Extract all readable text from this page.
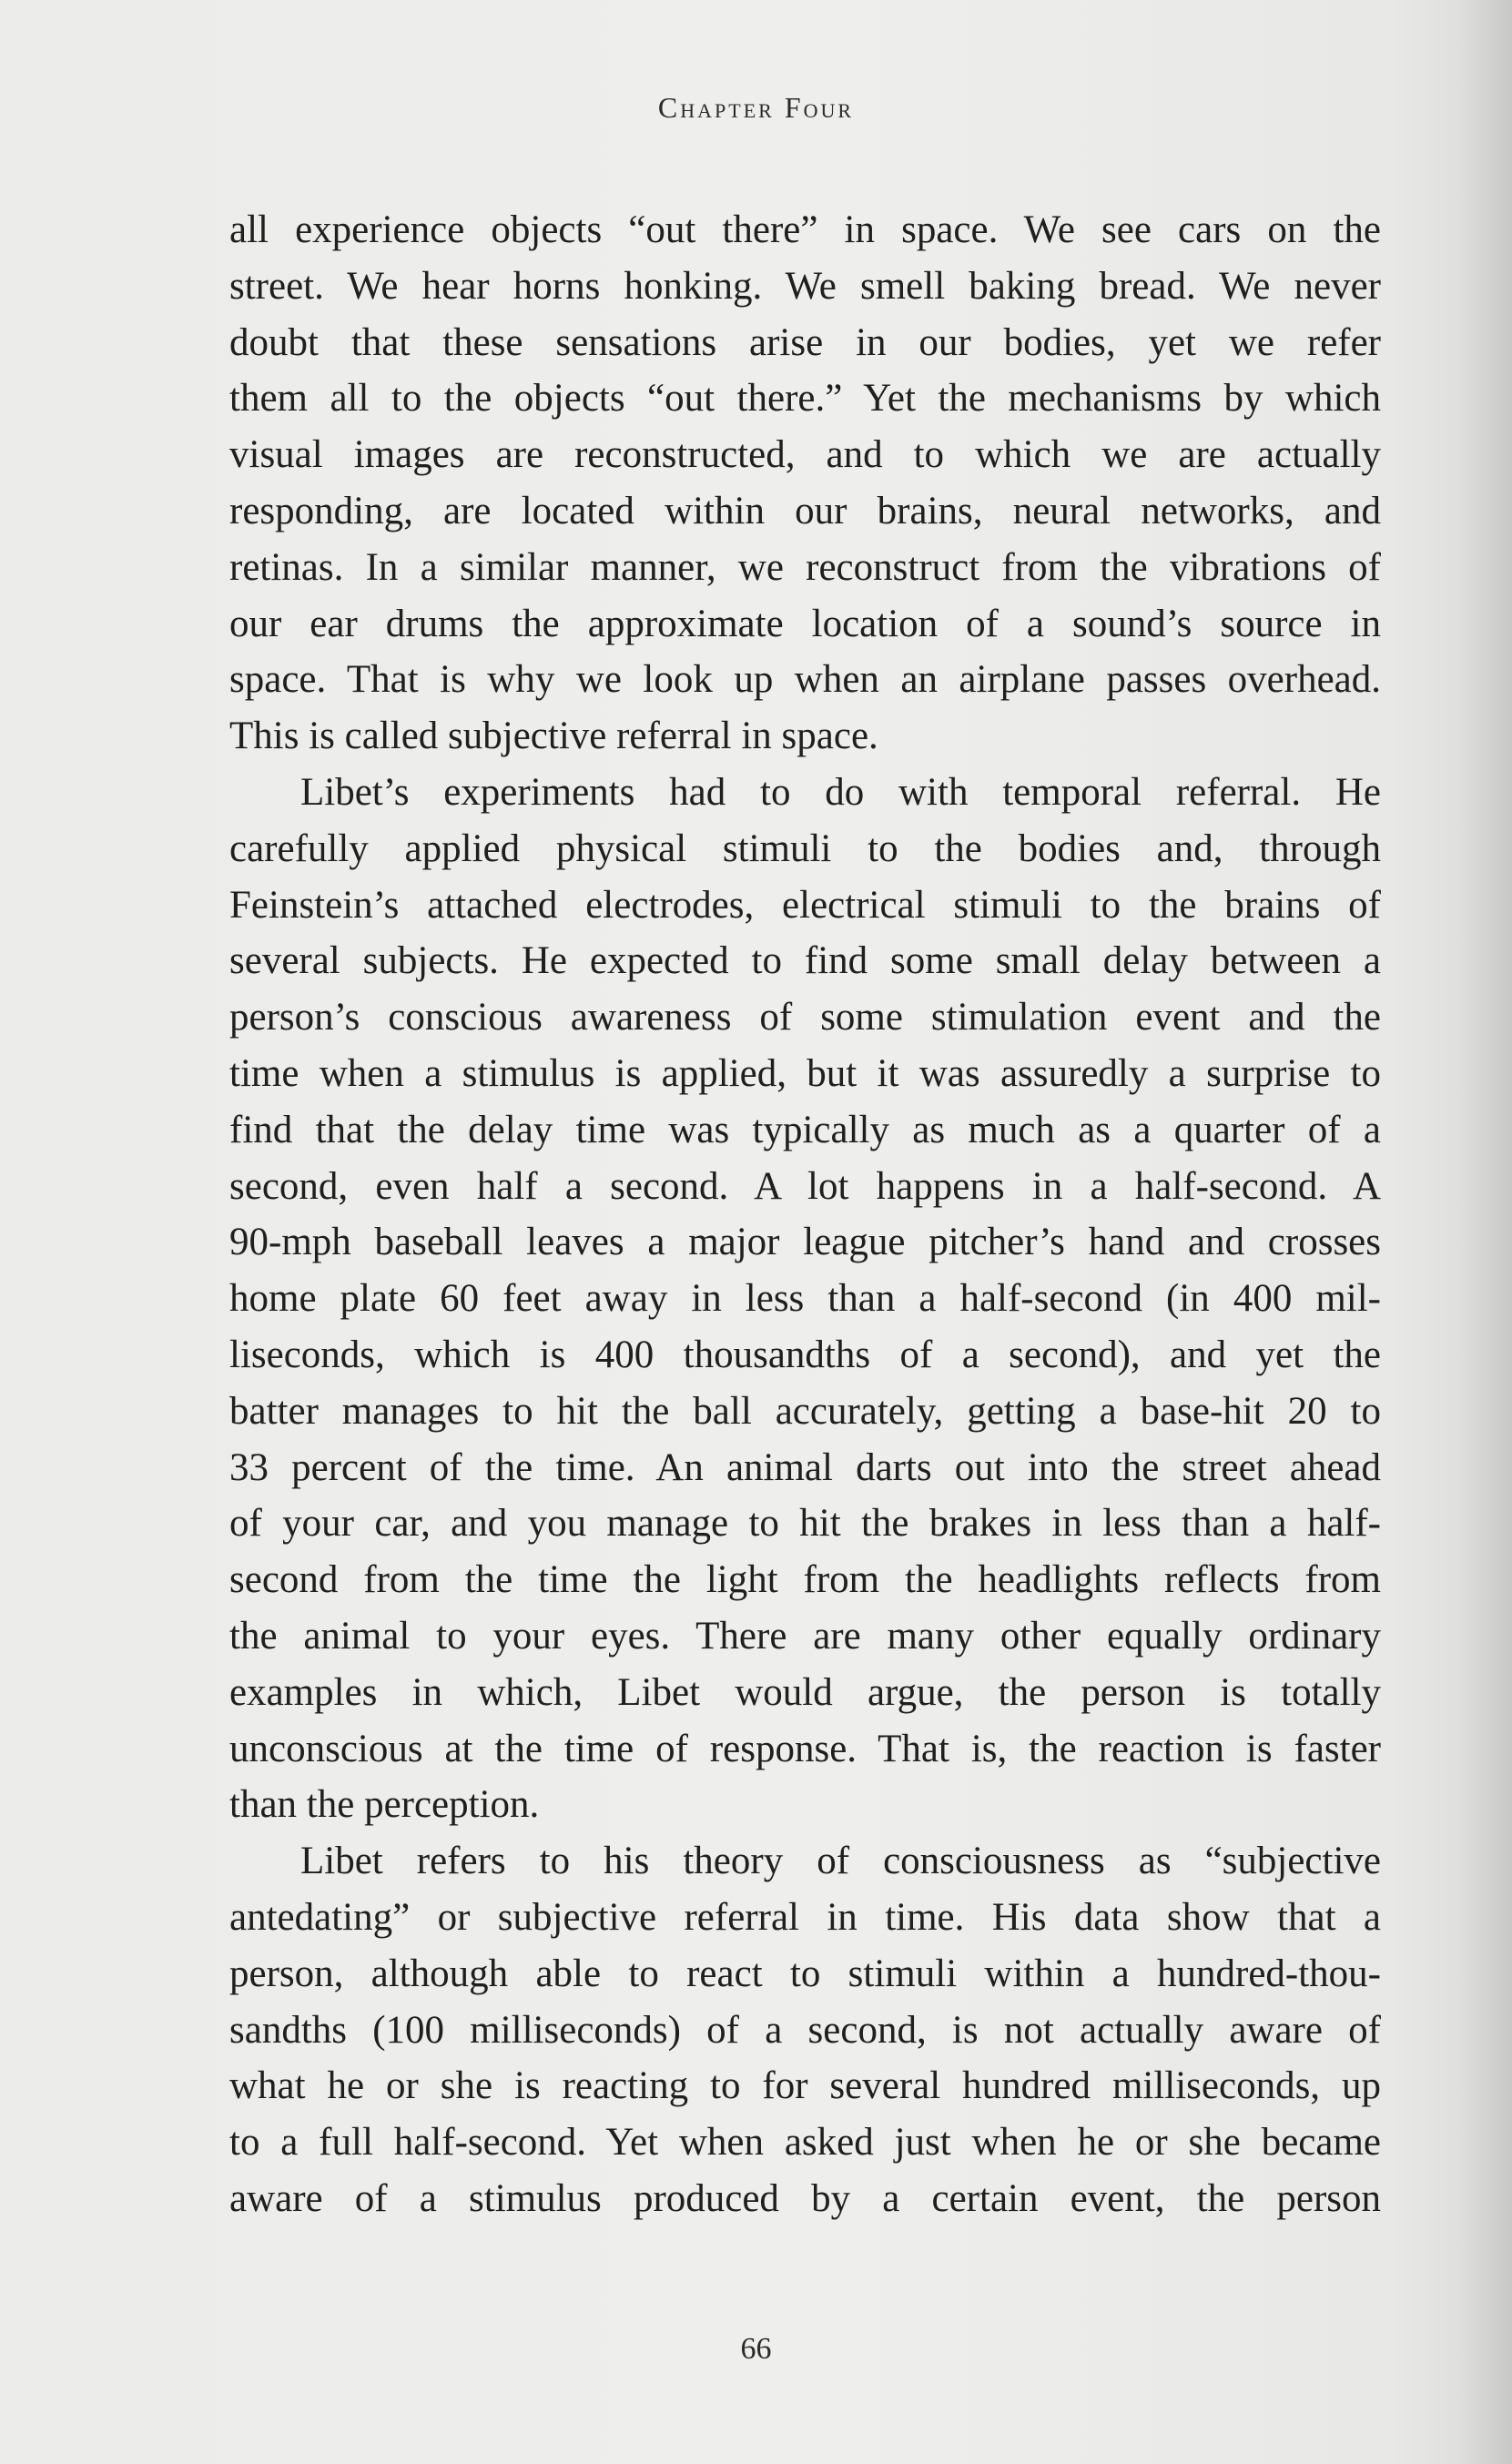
Chapter Four
all experience objects “out there” in space. We see cars on the
street. We hear horns honking. We smell baking bread. We never
doubt that these sensations arise in our bodies, yet we refer
them all to the objects “out there.” Yet the mechanisms by which
visual images are reconstructed, and to which we are actually
responding, are located within our brains, neural networks, and
retinas. In a similar manner, we reconstruct from the vibrations of
our ear drums the approximate location of a sound’s source in
space. That is why we look up when an airplane passes overhead.
This is called subjective referral in space.
Libet’s experiments had to do with temporal referral. He
carefully applied physical stimuli to the bodies and, through
Feinstein’s attached electrodes, electrical stimuli to the brains of
several subjects. He expected to find some small delay between a
person’s conscious awareness of some stimulation event and the
time when a stimulus is applied, but it was assuredly a surprise to
find that the delay time was typically as much as a quarter of a
second, even half a second. A lot happens in a half-second. A
90-mph baseball leaves a major league pitcher’s hand and crosses
home plate 60 feet away in less than a half-second (in 400 mil-
liseconds, which is 400 thousandths of a second), and yet the
batter manages to hit the ball accurately, getting a base-hit 20 to
33 percent of the time. An animal darts out into the street ahead
of your car, and you manage to hit the brakes in less than a half-
second from the time the light from the headlights reflects from
the animal to your eyes. There are many other equally ordinary
examples in which, Libet would argue, the person is totally
unconscious at the time of response. That is, the reaction is faster
than the perception.
Libet refers to his theory of consciousness as “subjective
antedating” or subjective referral in time. His data show that a
person, although able to react to stimuli within a hundred-thou-
sandths (100 milliseconds) of a second, is not actually aware of
what he or she is reacting to for several hundred milliseconds, up
to a full half-second. Yet when asked just when he or she became
aware of a stimulus produced by a certain event, the person
66
